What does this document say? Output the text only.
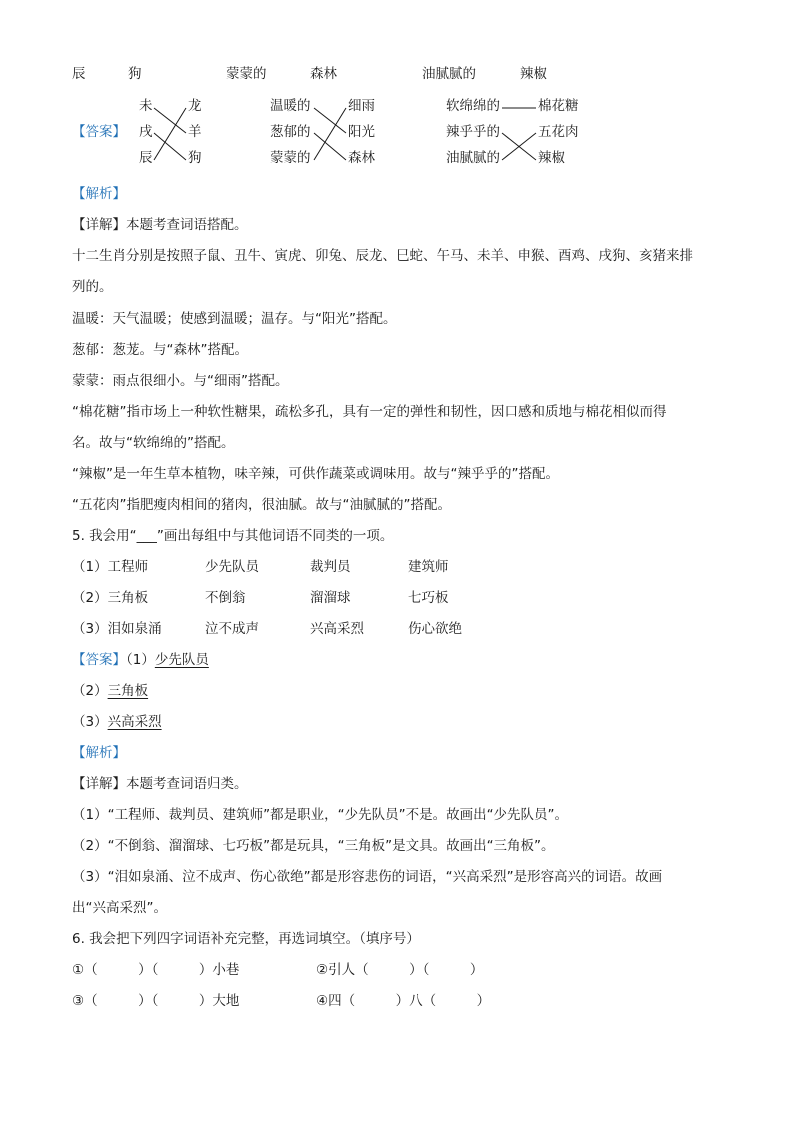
辰	狗	蒙蒙的	森林	油腻腻的	辣椒
【答案】
未
戌
辰
龙
羊
狗
温暖的
葱郁的
蒙蒙的
细雨
阳光
森林
软绵绵的
辣乎乎的
油腻腻的
棉花糖
五花肉
辣椒
【解析】
【详解】本题考查词语搭配。
十二生肖分别是按照子鼠、丑牛、寅虎、卯兔、辰龙、巳蛇、午马、未羊、申猴、酉鸡、戌狗、亥猪来排
列的。
温暖：天气温暖；使感到温暖；温存。与“阳光”搭配。
葱郁：葱茏。与“森林”搭配。
蒙蒙：雨点很细小。与“细雨”搭配。
“棉花糖”指市场上一种软性糖果，疏松多孔，具有一定的弹性和韧性，因口感和质地与棉花相似而得
名。故与“软绵绵的”搭配。
“辣椒”是一年生草本植物，味辛辣，可供作蔬菜或调味用。故与“辣乎乎的”搭配。
“五花肉”指肥瘦肉相间的猪肉，很油腻。故与“油腻腻的”搭配。
5. 我会用“___”画出每组中与其他词语不同类的一项。
（1）工程师	少先队员	裁判员	建筑师
（2）三角板	不倒翁	溜溜球	七巧板
（3）泪如泉涌	泣不成声	兴高采烈	伤心欲绝
【答案】（1）少先队员
（2）三角板
（3）兴高采烈
【解析】
【详解】本题考查词语归类。
（1）“工程师、裁判员、建筑师”都是职业，“少先队员”不是。故画出“少先队员”。
（2）“不倒翁、溜溜球、七巧板”都是玩具，“三角板”是文具。故画出“三角板”。
（3）“泪如泉涌、泣不成声、伤心欲绝”都是形容悲伤的词语，“兴高采烈”是形容高兴的词语。故画
出“兴高采烈”。
6. 我会把下列四字词语补充完整，再选词填空。（填序号）
①（　　　）（　　　）小巷	②引人（　　　）（　　　）
③（　　　）（　　　）大地	④四（　　　）八（　　　）
